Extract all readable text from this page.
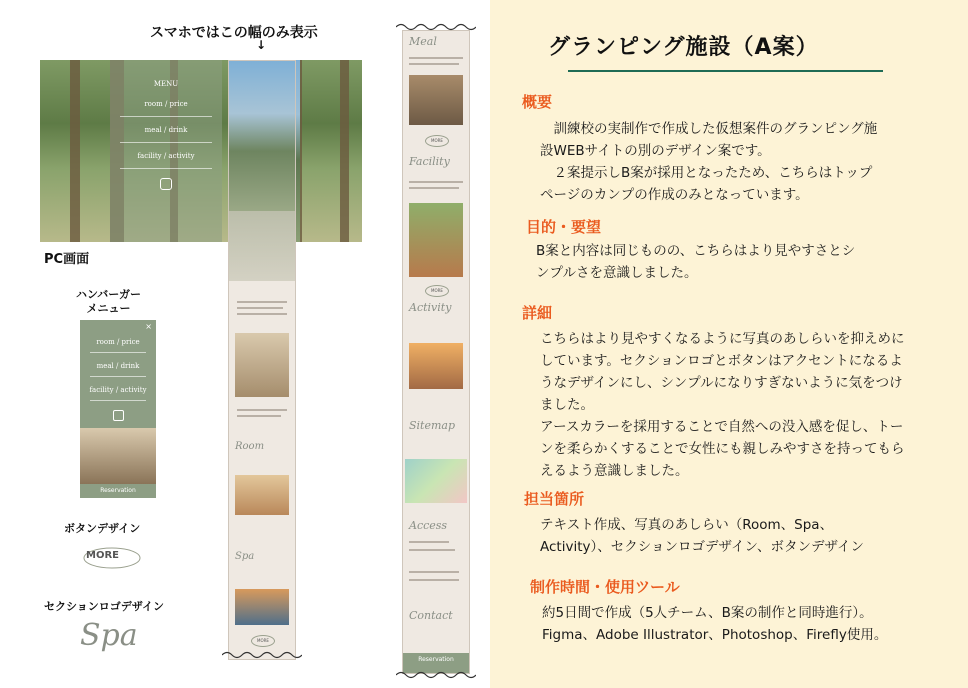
スマホではこの幅のみ表示
↓
MENU
room / price
meal / drink
facility / activity
Room
Spa
MORE
Meal
MORE
Facility
MORE
Activity
Sitemap
Access
Contact
Reservation
PC画面
ハンバーガー
メニュー
×
room / price
meal / drink
facility / activity
Reservation
ボタンデザイン
MORE
セクションロゴデザイン
Spa
グランピング施設（A案）
概要
　訓練校の実制作で作成した仮想案件のグランピング施
設WEBサイトの別のデザイン案です。
　２案提示しB案が採用となったため、こちらはトップ
ページのカンプの作成のみとなっています。
目的・要望
B案と内容は同じものの、こちらはより見やすさとシ
ンプルさを意識しました。
詳細
こちらはより見やすくなるように写真のあしらいを抑えめに
しています。セクションロゴとボタンはアクセントになるよ
うなデザインにし、シンプルになりすぎないように気をつけ
ました。
アースカラーを採用することで自然への没入感を促し、トー
ンを柔らかくすることで女性にも親しみやすさを持ってもら
えるよう意識しました。
担当箇所
テキスト作成、写真のあしらい（Room、Spa、
Activity）、セクションロゴデザイン、ボタンデザイン
制作時間・使用ツール
約5日間で作成（5人チーム、B案の制作と同時進行）。
Figma、Adobe Illustrator、Photoshop、Firefly使用。
